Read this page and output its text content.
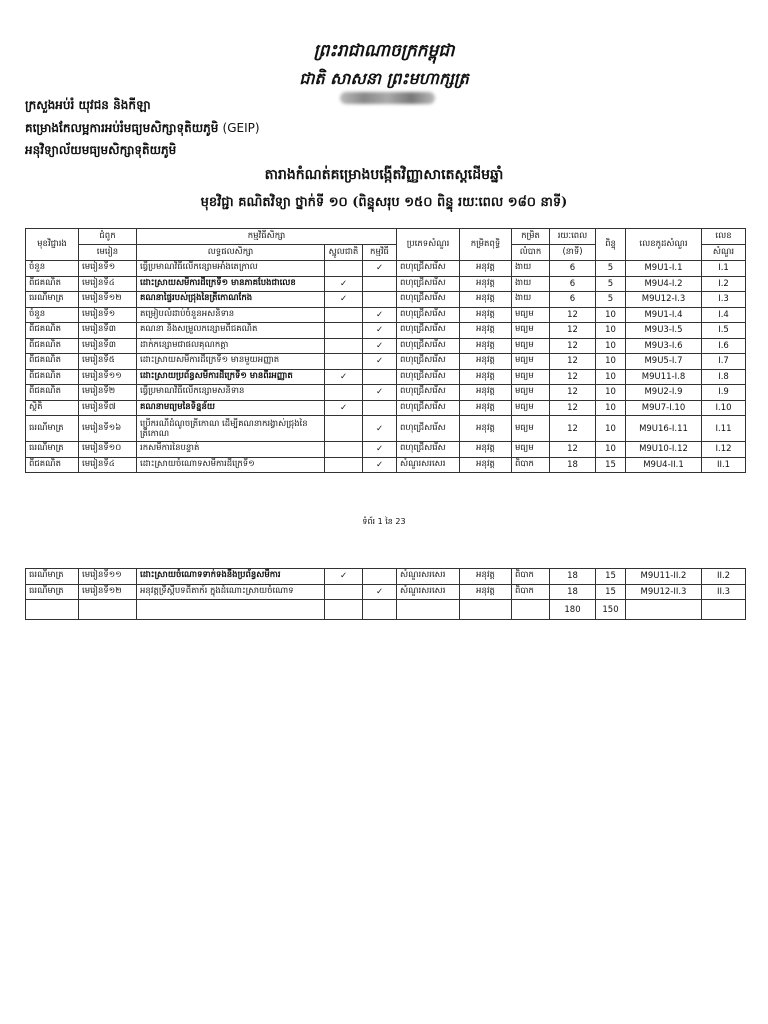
ព្រះរាជាណាចក្រកម្ពុជា
ជាតិ សាសនា ព្រះមហាក្សត្រ
ក្រសួងអប់រំ យុវជន និងកីឡា
គម្រោងកែលម្អការអប់រំមធ្យមសិក្សាទុតិយភូមិ (GEIP)
អនុវិទ្យាល័យមធ្យមសិក្សាទុតិយភូមិ
តារាងកំណត់គម្រោងបង្កើតវិញ្ញាសាតេស្តដើមឆ្នាំ
មុខវិជ្ជា គណិតវិទ្យា ថ្នាក់ទី ១០ (ពិន្ទុសរុប ១៥០ ពិន្ទុ រយៈពេល ១៨០ នាទី)
មុខវិជ្ជារង	ជំពូក	កម្មវិធីសិក្សា			ប្រភេទសំណួរ	កម្រិតពុទ្ធិ	កម្រិត	រយៈពេល	ពិន្ទុ	លេខកូដសំណួរ	លេខ
	មេរៀន	លទ្ធផលសិក្សា	ស្នូលជាតិ	កម្មវិធី			លំបាក	(នាទី)			សំណួរ
ចំនួន	មេរៀនទី១	ធ្វើប្រមាណវិធីលើកន្សោមអាំងតេក្រាល		✓	ពហុជ្រើសរើស	អនុវត្ត	ងាយ	6	5	M9U1-I.1	I.1
ពីជគណិត	មេរៀនទី៤	ដោះស្រាយសមីការដឺក្រេទី១ មានភាគបែងជាលេខ	✓		ពហុជ្រើសរើស	អនុវត្ត	ងាយ	6	5	M9U4-I.2	I.2
ធរណីមាត្រ	មេរៀនទី១២	គណនាផ្ទៃរបស់ជ្រុងនៃត្រីកោណកែង	✓		ពហុជ្រើសរើស	អនុវត្ត	ងាយ	6	5	M9U12-I.3	I.3
ចំនួន	មេរៀនទី១	តម្រៀបលំដាប់ចំនួនអសនិទាន		✓	ពហុជ្រើសរើស	អនុវត្ត	មធ្យម	12	10	M9U1-I.4	I.4
ពីជគណិត	មេរៀនទី៣	គណនា និងសម្រួលកន្សោមពីជគណិត		✓	ពហុជ្រើសរើស	អនុវត្ត	មធ្យម	12	10	M9U3-I.5	I.5
ពីជគណិត	មេរៀនទី៣	ដាក់កន្សោមជាផលគុណកត្តា		✓	ពហុជ្រើសរើស	អនុវត្ត	មធ្យម	12	10	M9U3-I.6	I.6
ពីជគណិត	មេរៀនទី៥	ដោះស្រាយសមីការដឺក្រេទី១ មានមួយអញ្ញាត		✓	ពហុជ្រើសរើស	អនុវត្ត	មធ្យម	12	10	M9U5-I.7	I.7
ពីជគណិត	មេរៀនទី១១	ដោះស្រាយប្រព័ន្ធសមីការដឺក្រេទី១ មានពីរអញ្ញាត	✓		ពហុជ្រើសរើស	អនុវត្ត	មធ្យម	12	10	M9U11-I.8	I.8
ពីជគណិត	មេរៀនទី២	ធ្វើប្រមាណវិធីលើកន្សោមសនិទាន		✓	ពហុជ្រើសរើស	អនុវត្ត	មធ្យម	12	10	M9U2-I.9	I.9
ស្ថិតិ	មេរៀនទី៧	គណនាមធ្យមនៃទិន្នន័យ	✓		ពហុជ្រើសរើស	អនុវត្ត	មធ្យម	12	10	M9U7-I.10	I.10
ធរណីមាត្រ	មេរៀនទី១៦	ប្រើករណីដំណូចត្រីកោណ ដើម្បីគណនាករង្វាស់ជ្រុងនៃត្រីកោណ		✓	ពហុជ្រើសរើស	អនុវត្ត	មធ្យម	12	10	M9U16-I.11	I.11
ធរណីមាត្រ	មេរៀនទី១០	រកសមីការនៃបន្ទាត់		✓	ពហុជ្រើសរើស	អនុវត្ត	មធ្យម	12	10	M9U10-I.12	I.12
ពីជគណិត	មេរៀនទី៤	ដោះស្រាយចំណោទសមីការដឺក្រេទី១		✓	សំណួរសរសេរ	អនុវត្ត	ពិបាក	18	15	M9U4-II.1	II.1
ទំព័រ 1 នៃ 23
ធរណីមាត្រ	មេរៀនទី១១	ដោះស្រាយចំណោទទាក់ទងនឹងប្រព័ន្ធសមីការ	✓		សំណួរសរសេរ	អនុវត្ត	ពិបាក	18	15	M9U11-II.2	II.2
ធរណីមាត្រ	មេរៀនទី១២	អនុវត្តទ្រឹស្តីបទពីតាក័រ ក្នុងដំណោះស្រាយចំណោទ		✓	សំណួរសរសេរ	អនុវត្ត	ពិបាក	18	15	M9U12-II.3	II.3
								180	150		
